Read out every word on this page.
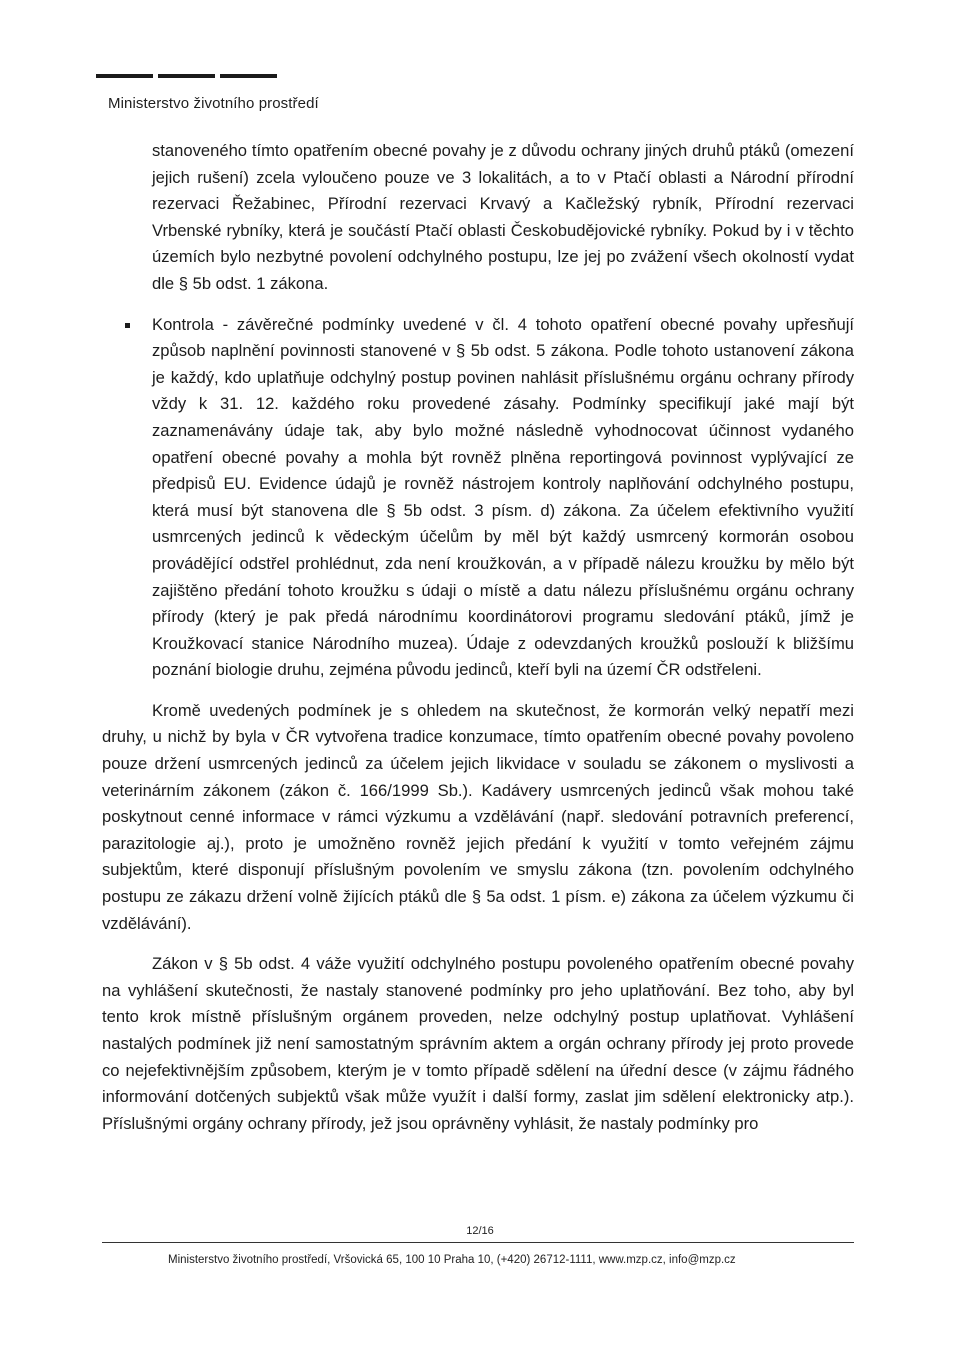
Ministerstvo životního prostředí

stanoveného tímto opatřením obecné povahy je z důvodu ochrany jiných druhů ptáků (omezení jejich rušení) zcela vyloučeno pouze ve 3 lokalitách, a to v Ptačí oblasti a Národní přírodní rezervaci Řežabinec, Přírodní rezervaci Krvavý a Kačležský rybník, Přírodní rezervaci Vrbenské rybníky, která je součástí Ptačí oblasti Českobudějovické rybníky. Pokud by i v těchto územích bylo nezbytné povolení odchylného postupu, lze jej po zvážení všech okolností vydat dle § 5b odst. 1 zákona.

Kontrola - závěrečné podmínky uvedené v čl. 4 tohoto opatření obecné povahy upřesňují způsob naplnění povinnosti stanovené v § 5b odst. 5 zákona. Podle tohoto ustanovení zákona je každý, kdo uplatňuje odchylný postup povinen nahlásit příslušnému orgánu ochrany přírody vždy k 31. 12. každého roku provedené zásahy. Podmínky specifikují jaké mají být zaznamenávány údaje tak, aby bylo možné následně vyhodnocovat účinnost vydaného opatření obecné povahy a mohla být rovněž plněna reportingová povinnost vyplývající ze předpisů EU. Evidence údajů je rovněž nástrojem kontroly naplňování odchylného postupu, která musí být stanovena dle § 5b odst. 3 písm. d) zákona. Za účelem efektivního využití usmrcených jedinců k vědeckým účelům by měl být každý usmrcený kormorán osobou provádějící odstřel prohlédnut, zda není kroužkován, a v případě nálezu kroužku by mělo být zajištěno předání tohoto kroužku s údaji o místě a datu nálezu příslušnému orgánu ochrany přírody (který je pak předá národnímu koordinátorovi programu sledování ptáků, jímž je Kroužkovací stanice Národního muzea). Údaje z odevzdaných kroužků poslouží k bližšímu poznání biologie druhu, zejména původu jedinců, kteří byli na území ČR odstřeleni.

Kromě uvedených podmínek je s ohledem na skutečnost, že kormorán velký nepatří mezi druhy, u nichž by byla v ČR vytvořena tradice konzumace, tímto opatřením obecné povahy povoleno pouze držení usmrcených jedinců za účelem jejich likvidace v souladu se zákonem o myslivosti a veterinárním zákonem (zákon č. 166/1999 Sb.). Kadávery usmrcených jedinců však mohou také poskytnout cenné informace v rámci výzkumu a vzdělávání (např. sledování potravních preferencí, parazitologie aj.), proto je umožněno rovněž jejich předání k využití v tomto veřejném zájmu subjektům, které disponují příslušným povolením ve smyslu zákona (tzn. povolením odchylného postupu ze zákazu držení volně žijících ptáků dle § 5a odst. 1 písm. e) zákona za účelem výzkumu či vzdělávání).

Zákon v § 5b odst. 4 váže využití odchylného postupu povoleného opatřením obecné povahy na vyhlášení skutečnosti, že nastaly stanovené podmínky pro jeho uplatňování. Bez toho, aby byl tento krok místně příslušným orgánem proveden, nelze odchylný postup uplatňovat. Vyhlášení nastalých podmínek již není samostatným správním aktem a orgán ochrany přírody jej proto provede co nejefektivnějším způsobem, kterým je v tomto případě sdělení na úřední desce (v zájmu řádného informování dotčených subjektů však může využít i další formy, zaslat jim sdělení elektronicky atp.). Příslušnými orgány ochrany přírody, jež jsou oprávněny vyhlásit, že nastaly podmínky pro

12/16
Ministerstvo životního prostředí, Vršovická 65, 100 10 Praha 10, (+420) 26712-1111, www.mzp.cz, info@mzp.cz
